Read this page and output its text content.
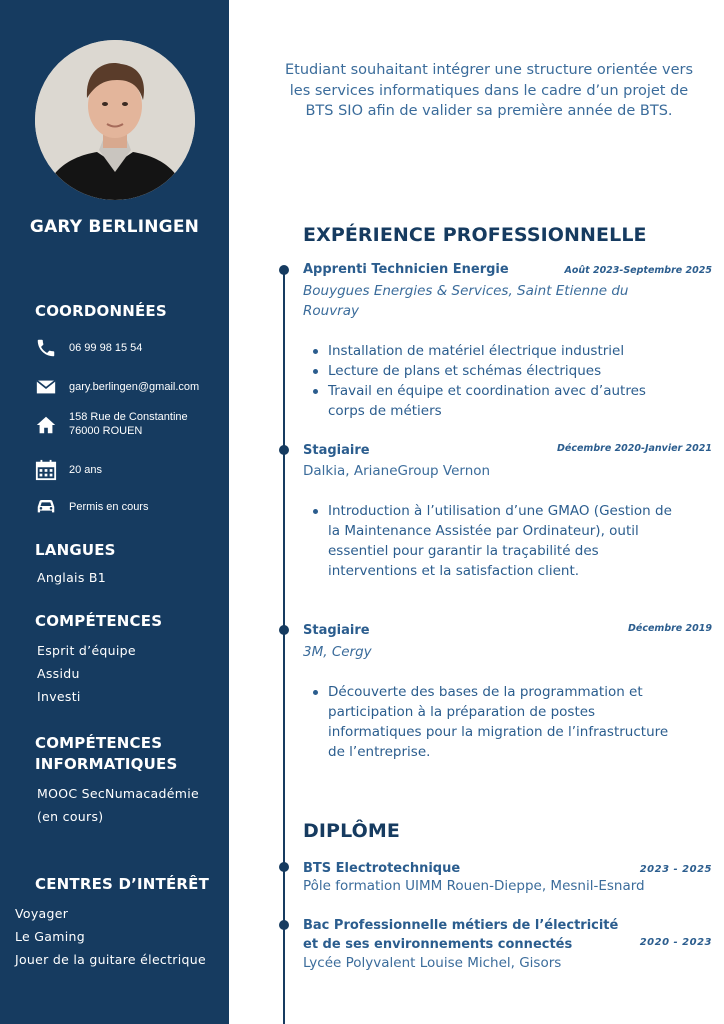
GARY BERLINGEN
COORDONNÉES
06 99 98 15 54
gary.berlingen@gmail.com
158 Rue de Constantine
76000 ROUEN
20 ans
Permis en cours
LANGUES
Anglais B1
COMPÉTENCES
Esprit d’équipe
Assidu
Investi
COMPÉTENCES
INFORMATIQUES
MOOC SecNumacadémie
(en cours)
CENTRES D’INTÉRÊT
Voyager
Le Gaming
Jouer de la guitare électrique
Etudiant souhaitant intégrer une structure orientée vers les services informatiques dans le cadre d’un projet de BTS SIO afin de valider sa première année de BTS.
EXPÉRIENCE PROFESSIONNELLE
Apprenti Technicien Energie	Août 2023-Septembre 2025
Bouygues Energies & Services, Saint Etienne du
Rouvray
Installation de matériel électrique industriel
Lecture de plans et schémas électriques
Travail en équipe et coordination avec d’autres corps de métiers
Stagiaire	Décembre 2020-Janvier 2021
Dalkia, ArianeGroup Vernon
Introduction à l’utilisation d’une GMAO (Gestion de la Maintenance Assistée par Ordinateur), outil essentiel pour garantir la traçabilité des interventions et la satisfaction client.
Stagiaire	Décembre 2019
3M, Cergy
Découverte des bases de la programmation et participation à la préparation de postes informatiques pour la migration de l’infrastructure de l’entreprise.
DIPLÔME
BTS Electrotechnique	2023 - 2025
Pôle formation UIMM Rouen-Dieppe, Mesnil-Esnard
Bac Professionnelle métiers de l’électricité et de ses environnements connectés	2020 - 2023
Lycée Polyvalent Louise Michel, Gisors
